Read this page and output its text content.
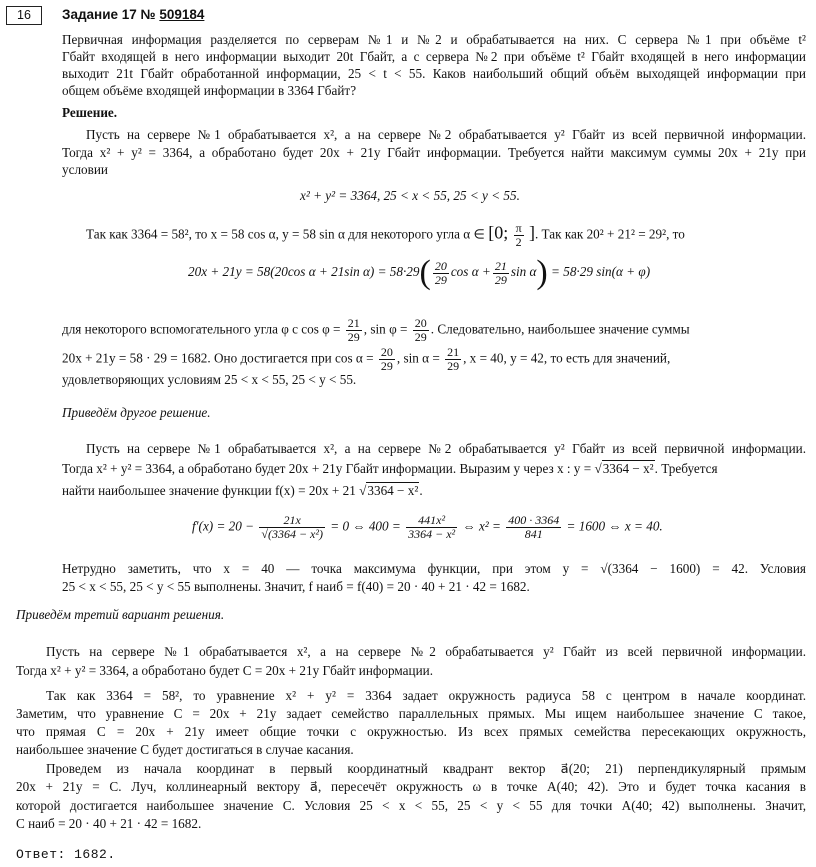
16	Задание 17 № 509184
Первичная информация разделяется по серверам №1 и №2 и обрабатывается на них. С сервера №1 при объёме t²
Гбайт входящей в него информации выходит 20t Гбайт, а с сервера №2 при объёме t² Гбайт входящей в него информации
выходит 21t Гбайт обработанной информации, 25 < t < 55. Каков наибольший общий объём выходящей информации при
общем объёме входящей информации в 3364 Гбайт?
Решение.
Пусть на сервере №1 обрабатывается x², а на сервере №2 обрабатывается y² Гбайт из всей первичной информации.
Тогда x² + y² = 3364, а обработано будет 20x + 21y Гбайт информации. Требуется найти максимум суммы 20x + 21y при
условии
x² + y² = 3364, 25 < x < 55, 25 < y < 55.
Так как 3364 = 58², то x = 58 cos α, y = 58 sin α для некоторого угла α ∈ [0; $\frac{\pi}{2}$ ]. Так как 20² + 21² = 29², то
20x + 21y = 58(20cos α + 21sin $\alpha) = 58\cdot 29( \frac{20}{29}$ $\cos \alpha + \frac{21}{29}$ sin α) = 58·29 sin(α + φ)
для некоторого вспомогательного угла φ с $\cos \varphi = \frac{21}{29}$ , $\sin \varphi = \frac{20}{29}$ . Следовательно, наибольшее значение суммы
20x + 21y = 58 · 29 = 1682. Оно достигается при $\cos \alpha = \frac{20}{29}$ , $\sin \alpha = \frac{21}{29}$ , x = 40, y = 42, то есть для значений,
удовлетворяющих условиям 25 < x < 55, 25 < y < 55.
Приведём другое решение.
Пусть на сервере №1 обрабатывается x², а на сервере №2 обрабатывается y² Гбайт из всей первичной информации.
Тогда x² + y² = 3364, а обработано будет 20x + 21y Гбайт информации. Выразим y через x : y = √3364 − x². Требуется
найти наибольшее значение функции f(x) = 20x + 21 √3364 − x².
$f'(x) = 20 - \frac{21x}{\text{√(3364 − x²)}} = 0$ ⇔ $400 = \frac{\text{441x²}}{\text{3364 − x²}}$ ⇔ $x^2 = \frac{400 \cdot 3364}{841} = 1600$ ⇔ x = 40.
Нетрудно заметить, что x = 40 — точка максимума функции, при этом y = √(3364 − 1600) = 42. Условия
25 < x < 55, 25 < y < 55 выполнены. Значит, f наиб = f(40) = 20 · 40 + 21 · 42 = 1682.
Приведём третий вариант решения.
Пусть на сервере №1 обрабатывается x², а на сервере №2 обрабатывается y² Гбайт из всей первичной информации.
Тогда x² + y² = 3364, а обработано будет C = 20x + 21y Гбайт информации.
Так как 3364 = 58², то уравнение x² + y² = 3364 задает окружность радиуса 58 с центром в начале координат.
Заметим, что уравнение C = 20x + 21y задает семейство параллельных прямых. Мы ищем наибольшее значение C такое,
что прямая C = 20x + 21y имеет общие точки с окружностью. Из всех прямых семейства пересекающих окружность,
наибольшее значение C будет достигаться в случае касания.
Проведем из начала координат в первый координатный квадрант вектор a⃗(20; 21) перпендикулярный прямым
20x + 21y = C. Луч, коллинеарный вектору a⃗, пересечёт окружность ω в точке A(40; 42). Это и будет точка касания в
которой достигается наибольшее значение C. Условия 25 < x < 55, 25 < y < 55 для точки A(40; 42) выполнены. Значит,
C наиб = 20 · 40 + 21 · 42 = 1682.
Ответ: 1682.
